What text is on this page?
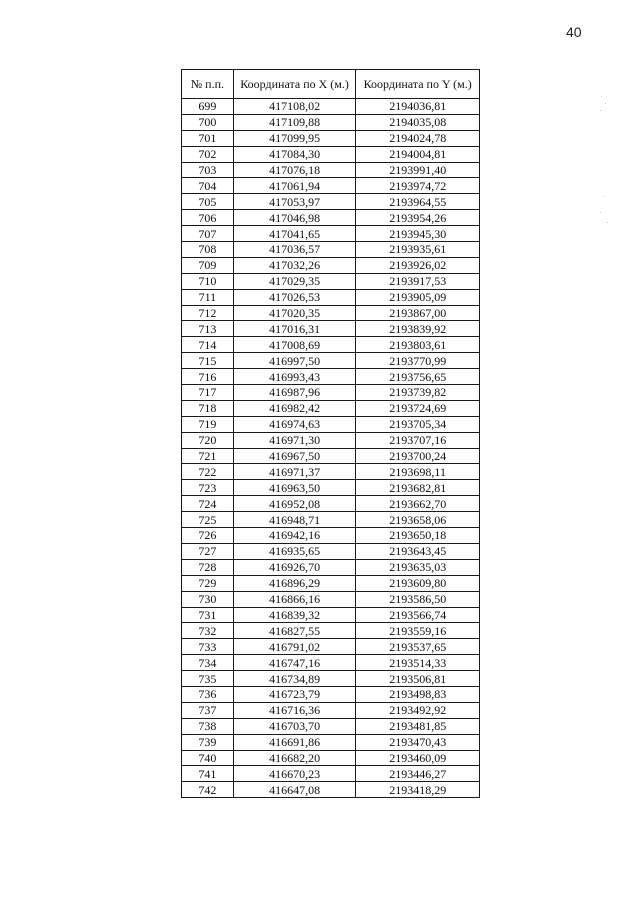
40
№ п.п.	Координата по X (м.)	Координата по Y (м.)
699	417108,02	2194036,81
700	417109,88	2194035,08
701	417099,95	2194024,78
702	417084,30	2194004,81
703	417076,18	2193991,40
704	417061,94	2193974,72
705	417053,97	2193964,55
706	417046,98	2193954,26
707	417041,65	2193945,30
708	417036,57	2193935,61
709	417032,26	2193926,02
710	417029,35	2193917,53
711	417026,53	2193905,09
712	417020,35	2193867,00
713	417016,31	2193839,92
714	417008,69	2193803,61
715	416997,50	2193770,99
716	416993,43	2193756,65
717	416987,96	2193739,82
718	416982,42	2193724,69
719	416974,63	2193705,34
720	416971,30	2193707,16
721	416967,50	2193700,24
722	416971,37	2193698,11
723	416963,50	2193682,81
724	416952,08	2193662,70
725	416948,71	2193658,06
726	416942,16	2193650,18
727	416935,65	2193643,45
728	416926,70	2193635,03
729	416896,29	2193609,80
730	416866,16	2193586,50
731	416839,32	2193566,74
732	416827,55	2193559,16
733	416791,02	2193537,65
734	416747,16	2193514,33
735	416734,89	2193506,81
736	416723,79	2193498,83
737	416716,36	2193492,92
738	416703,70	2193481,85
739	416691,86	2193470,43
740	416682,20	2193460,09
741	416670,23	2193446,27
742	416647,08	2193418,29
